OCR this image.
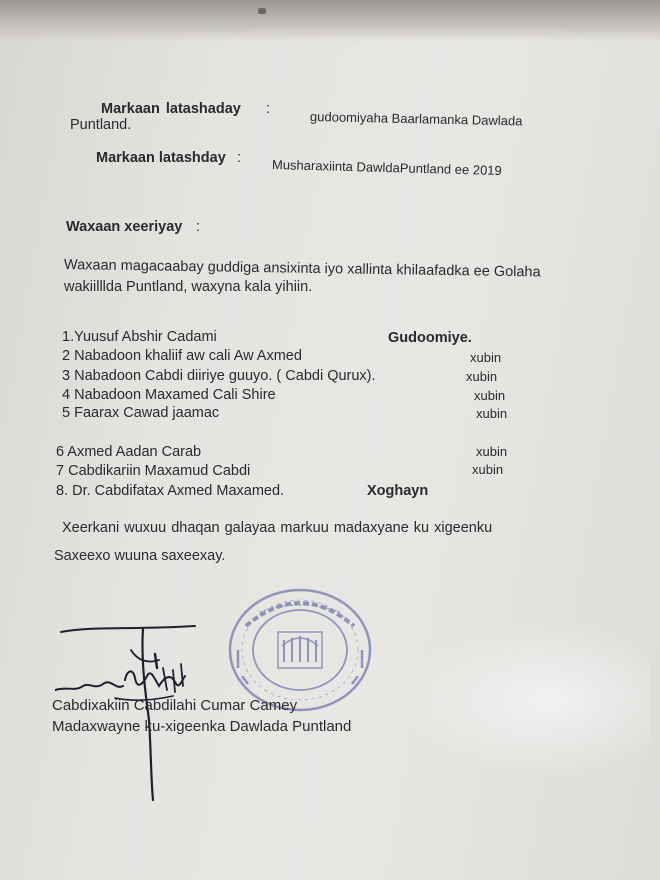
Markaan latashaday :
gudoomiyaha Baarlamanka Dawlada
Puntland.
Markaan latashday : Musharaxiinta DawldaPuntland ee 2019
Waxaan xeeriyay :
Waxaan magacaabay guddiga ansixinta iyo xallinta khilaafadka ee Golaha
wakiilllda Puntland, waxyna kala yihiin.
1.Yuusuf Abshir Cadami	Gudoomiye.
2 Nabadoon khaliif aw cali Aw Axmed	xubin
3 Nabadoon Cabdi diiriye guuyo. ( Cabdi Qurux).	xubin
4 Nabadoon Maxamed Cali Shire	xubin
5 Faarax Cawad jaamac	xubin
6 Axmed Aadan Carab	xubin
7 Cabdikariin Maxamud Cabdi	xubin
8. Dr. Cabdifatax Axmed Maxamed.	Xoghayn
Xeerkani wuxuu dhaqan galayaa markuu madaxyane ku xigeenku
Saxeexo wuuna saxeexay.
Cabdixakiin Cabdilahi Cumar Camey
Madaxwayne ku-xigeenka Dawlada Puntland
